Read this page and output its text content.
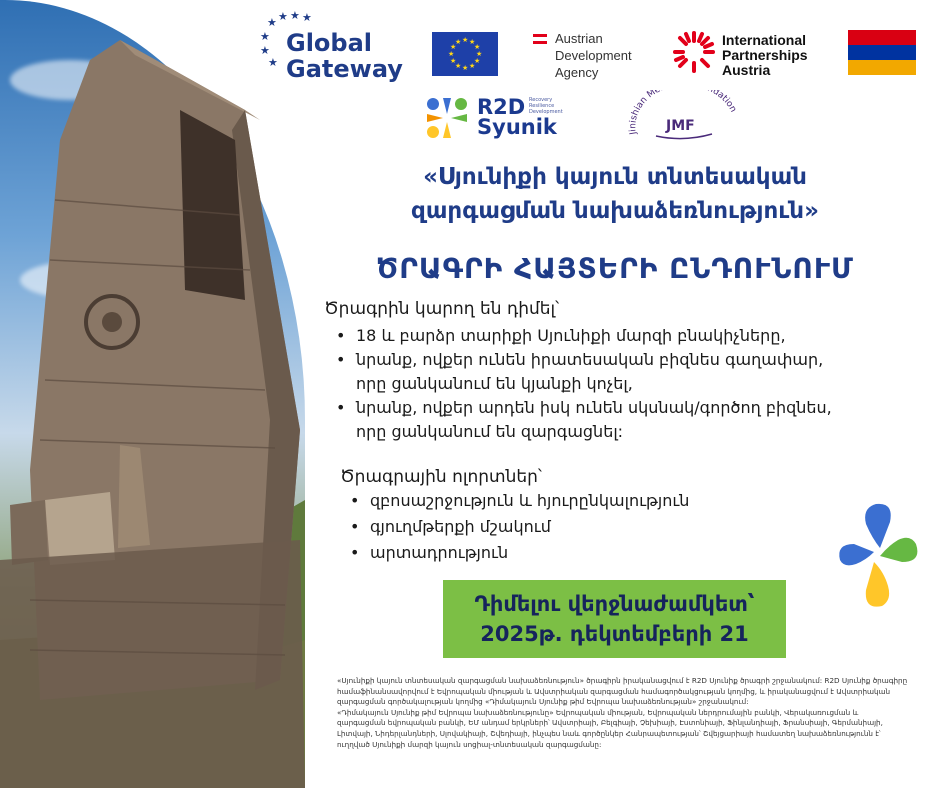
★ ★ ★
★
★
★
★
Global
Gateway
★ ★
★
★
★
★
★
★
★
★
★
★	Austrian
Development
Agency
International
Partnerships
Austria
R2D
Syunik
Recovery Resilience Development
Jinishian Me dation
JMF
«Սյունիքի կայուն տնտեսական
զարգացման նախաձեռնություն»
ԾՐԱԳՐԻ ՀԱՅՏԵՐԻ ԸՆԴՈՒՆՈՒՄ
Ծրագրին կարող են դիմել՝
• 18 և բարձր տարիքի Սյունիքի մարզի բնակիչները,
• նրանք, ովքեր ունեն իրատեսական բիզնես գաղափար,
որը ցանկանում են կյանքի կոչել,
• նրանք, ովքեր արդեն իսկ ունեն սկսնակ/գործող բիզնես,
որը ցանկանում են զարգացնել:
Ծրագրային ոլորտներ՝
• զբոսաշրջություն և հյուրընկալություն
• գյուղմթերքի մշակում
• արտադրություն
Դիմելու վերջնաժամկետ՝
2025թ. դեկտեմբերի 21

«Սյունիքի կայուն տնտեսական զարգացման նախաձեռնություն» ծրագիրն իրականացվում է R2D Սյունիք ծրագրի շրջանակում: R2D Սյունիք ծրագիրը համաֆինանսավորվում է Եվրոպական միության և Ավստրիական զարգացման համագործակցության կողմից, և իրականացվում է Ավստրիական զարգացման գործակալության կողմից «Դիմակայուն Սյունիք թիմ Եվրոպա նախաձեռնության» շրջանակում:

«Դիմակայուն Սյունիք թիմ Եվրոպա նախաձեռնությունը» Եվրոպական միության, Եվրոպական ներդրումային բանկի, Վերակառուցման և զարգացման եվրոպական բանկի, ԵՄ անդամ երկրների՝ Ավստրիայի, Բելգիայի, Չեխիայի, Էստոնիայի, Ֆինլանդիայի, Ֆրանսիայի, Գերմանիայի, Լիտվայի, Նիդերլանդների, Սլովակիայի, Շվեդիայի, ինչպես նաև գործընկեր Հանրապետության՝ Շվեյցարիայի համատեղ նախաձեռնությունն է՝ ուղղված Սյունիքի մարզի կայուն սոցիալ-տնտեսական զարգացմանը:
